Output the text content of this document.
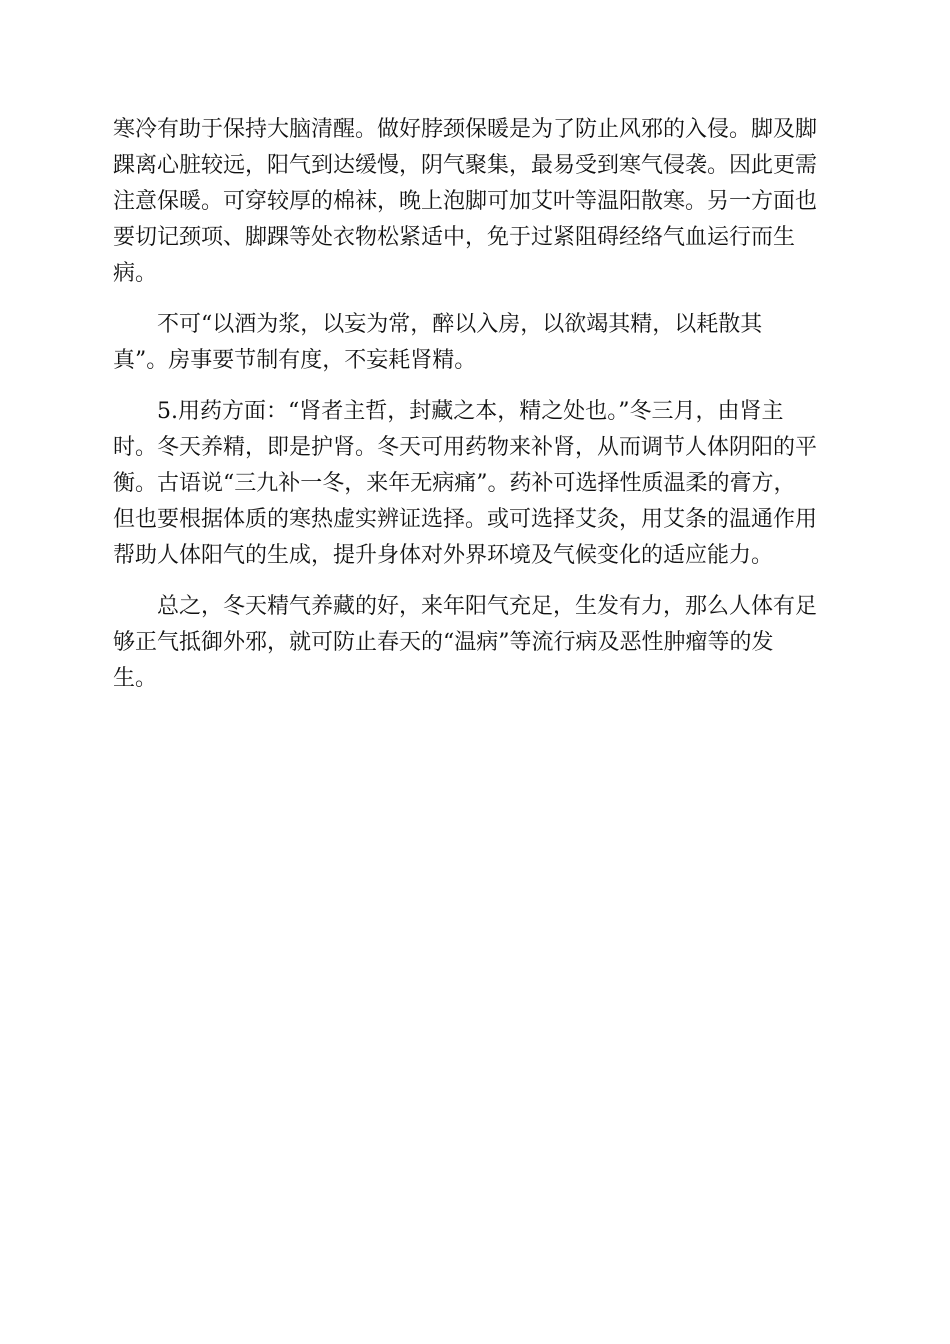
寒冷有助于保持大脑清醒。做好脖颈保暖是为了防止风邪的入侵。脚及脚
踝离心脏较远，阳气到达缓慢，阴气聚集，最易受到寒气侵袭。因此更需
注意保暖。可穿较厚的棉袜，晚上泡脚可加艾叶等温阳散寒。另一方面也
要切记颈项、脚踝等处衣物松紧适中，免于过紧阻碍经络气血运行而生
病。

不可“以酒为浆，以妄为常，醉以入房，以欲竭其精，以耗散其
真”。房事要节制有度，不妄耗肾精。

5.用药方面：“肾者主哲，封藏之本，精之处也。”冬三月，由肾主
时。冬天养精，即是护肾。冬天可用药物来补肾，从而调节人体阴阳的平
衡。古语说“三九补一冬，来年无病痛”。药补可选择性质温柔的膏方，
但也要根据体质的寒热虚实辨证选择。或可选择艾灸，用艾条的温通作用
帮助人体阳气的生成，提升身体对外界环境及气候变化的适应能力。

总之，冬天精气养藏的好，来年阳气充足，生发有力，那么人体有足
够正气抵御外邪，就可防止春天的“温病”等流行病及恶性肿瘤等的发
生。
